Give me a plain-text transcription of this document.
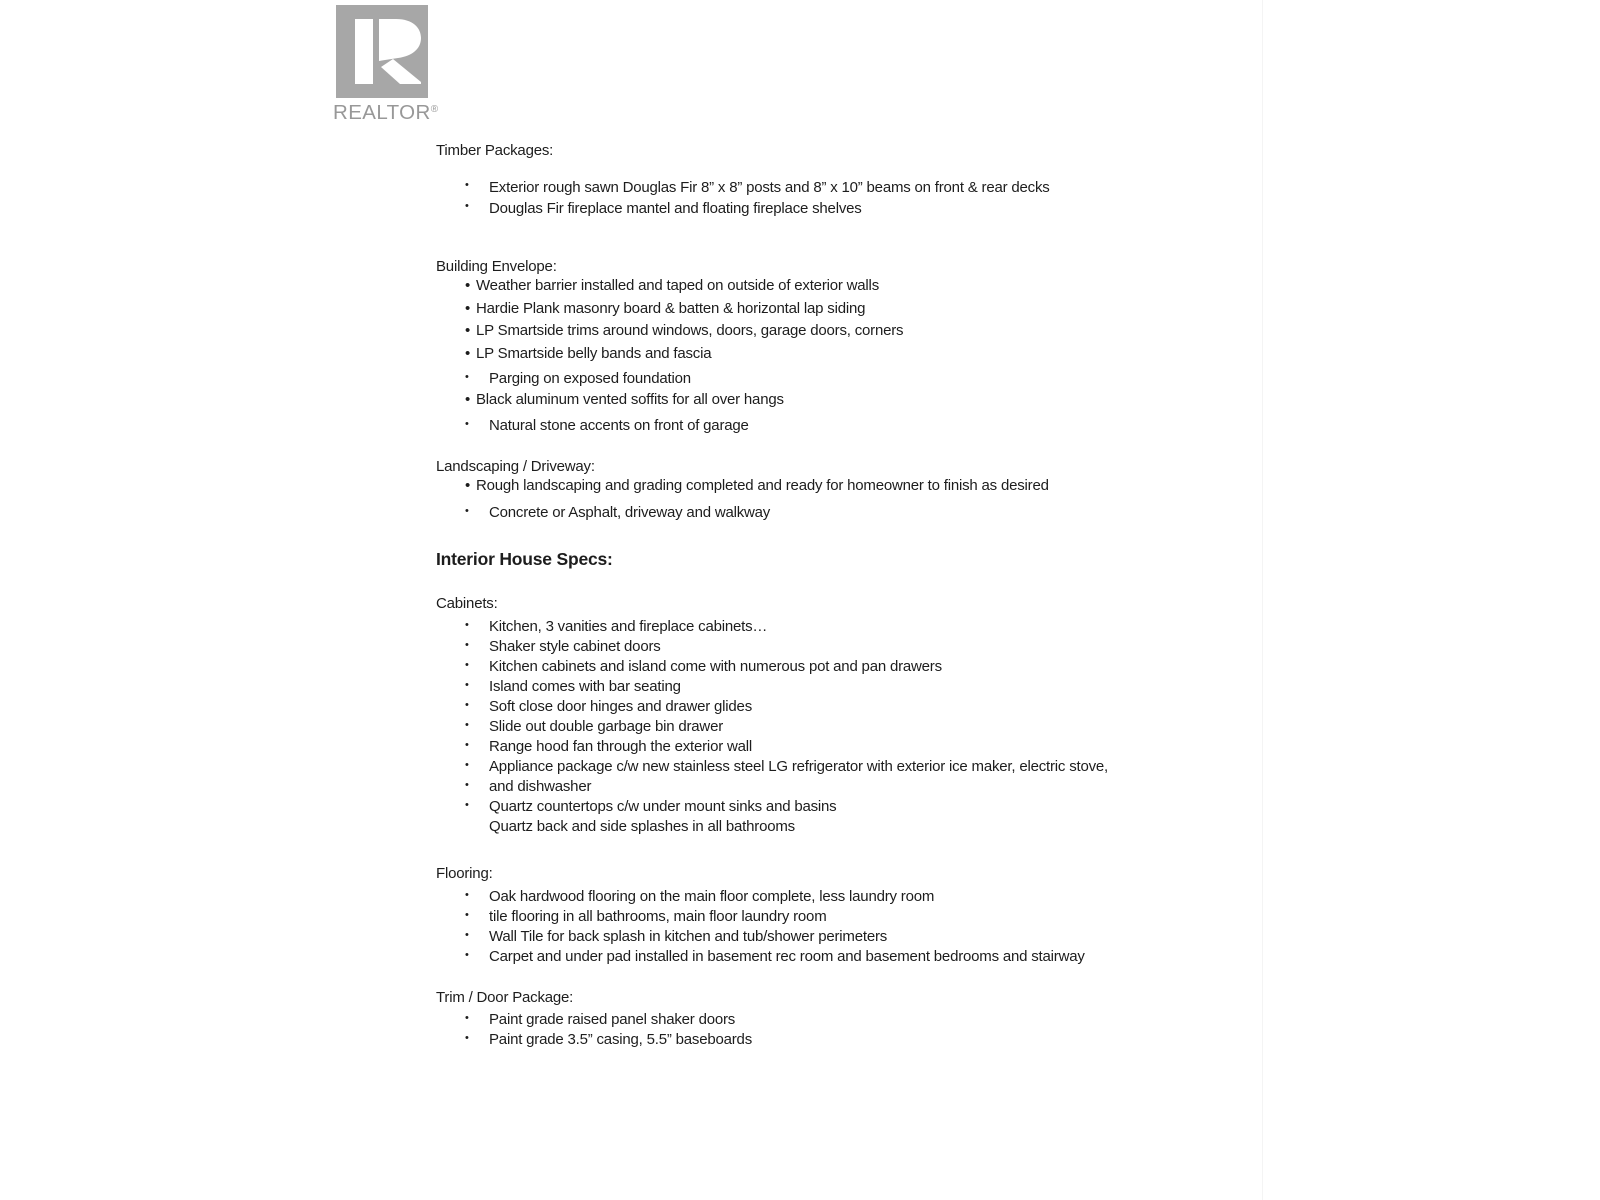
REALTOR®
Timber Packages:
• Exterior rough sawn Douglas Fir 8” x 8” posts and 8” x 10” beams on front & rear decks
• Douglas Fir fireplace mantel and floating fireplace shelves
Building Envelope:
• Weather barrier installed and taped on outside of exterior walls
• Hardie Plank masonry board & batten & horizontal lap siding
• LP Smartside trims around windows, doors, garage doors, corners
• LP Smartside belly bands and fascia
• Parging on exposed foundation
• Black aluminum vented soffits for all over hangs
• Natural stone accents on front of garage
Landscaping / Driveway:
• Rough landscaping and grading completed and ready for homeowner to finish as desired
• Concrete or Asphalt, driveway and walkway
Interior House Specs:
Cabinets:
• Kitchen, 3 vanities and fireplace cabinets…
• Shaker style cabinet doors
• Kitchen cabinets and island come with numerous pot and pan drawers
• Island comes with bar seating
• Soft close door hinges and drawer glides
• Slide out double garbage bin drawer
• Range hood fan through the exterior wall
• Appliance package c/w new stainless steel LG refrigerator with exterior ice maker, electric stove,
• and dishwasher
• Quartz countertops c/w under mount sinks and basins
Quartz back and side splashes in all bathrooms
Flooring:
• Oak hardwood flooring on the main floor complete, less laundry room
• tile flooring in all bathrooms, main floor laundry room
• Wall Tile for back splash in kitchen and tub/shower perimeters
• Carpet and under pad installed in basement rec room and basement bedrooms and stairway
Trim / Door Package:
• Paint grade raised panel shaker doors
• Paint grade 3.5” casing, 5.5” baseboards
